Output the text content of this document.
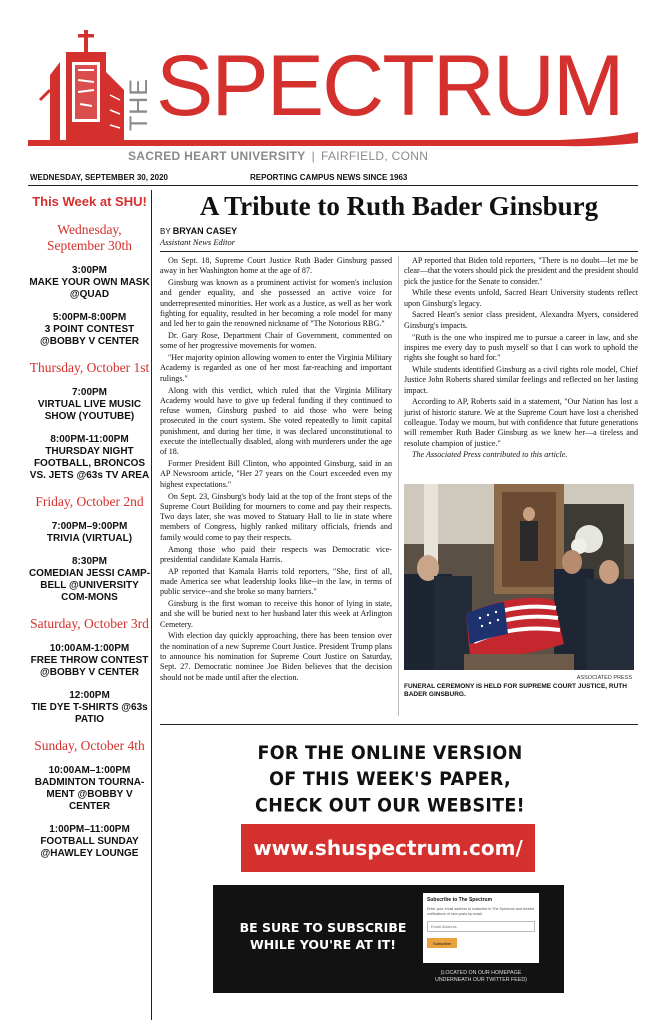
THE SPECTRUM
SACRED HEART UNIVERSITY | FAIRFIELD, CONN
WEDNESDAY, SEPTEMBER 30, 2020	REPORTING CAMPUS NEWS SINCE 1963
This Week at SHU!
Wednesday, September 30th
3:00PM
MAKE YOUR OWN MASK @QUAD
5:00PM-8:00PM
3 POINT CONTEST @BOBBY V CENTER
Thursday, October 1st
7:00PM
VIRTUAL LIVE MUSIC SHOW (YOUTUBE)
8:00PM-11:00PM
THURSDAY NIGHT FOOTBALL, BRONCOS VS. JETS @63s TV AREA
Friday, October 2nd
7:00PM–9:00PM
TRIVIA (VIRTUAL)
8:30PM
COMEDIAN JESSI CAMP-BELL @UNIVERSITY COM-MONS
Saturday, October 3rd
10:00AM-1:00PM
FREE THROW CONTEST @BOBBY V CENTER
12:00PM
TIE DYE T-SHIRTS @63s PATIO
Sunday, October 4th
10:00AM–1:00PM
BADMINTON TOURNA-MENT @BOBBY V CENTER
1:00PM–11:00PM
FOOTBALL SUNDAY @HAWLEY LOUNGE
A Tribute to Ruth Bader Ginsburg
BY BRYAN CASEY
Assistant News Editor

On Sept. 18, Supreme Court Justice Ruth Bader Ginsburg passed away in her Washington home at the age of 87.

Ginsburg was known as a prominent activist for women's inclusion and gender equality, and she possessed an active voice for underrepresented minorities. Her work as a Justice, as well as her work fighting for equality, resulted in her becoming a role model for many and led her to gain the renowned nickname of "The Notorious RBG."

Dr. Gary Rose, Department Chair of Government, commented on some of her progressive movements for women.

"Her majority opinion allowing women to enter the Virginia Military Academy is regarded as one of her most far-reaching and important rulings."

Along with this verdict, which ruled that the Virginia Military Academy would have to give up federal funding if they continued to refuse women, Ginsburg pushed to aid those who were being prosecuted in the court system. She voted repeatedly to limit capital punishment, and during her time, it was declared unconstitutional to execute the intellectually disabled, along with murderers under the age of 18.

Former President Bill Clinton, who appointed Ginsburg, said in an AP Newsroom article, "Her 27 years on the Court exceeded even my highest expectations."

On Sept. 23, Ginsburg's body laid at the top of the front steps of the Supreme Court Building for mourners to come and pay their respects. Two days later, she was moved to Statuary Hall to lie in state where members of Congress, highly ranked military officials, friends and family would come to pay their respects.

Among those who paid their respects was Democratic vice-presidential candidate Kamala Harris.

AP reported that Kamala Harris told reporters, "She, first of all, made America see what leadership looks like--in the law, in terms of public service--and she broke so many barriers."

Ginsburg is the first woman to receive this honor of lying in state, and she will be buried next to her husband later this week at Arlington Cemetery.

With election day quickly approaching, there has been tension over the nomination of a new Supreme Court Justice. President Trump plans to announce his nomination for Supreme Court Justice on Saturday, Sept. 27. Democratic nominee Joe Biden believes that the decision should not be made until after the election.

AP reported that Biden told reporters, "There is no doubt—let me be clear—that the voters should pick the president and the president should pick the justice for the Senate to consider."

While these events unfold, Sacred Heart University students reflect upon Ginsburg's legacy.

Sacred Heart's senior class president, Alexandra Myers, considered Ginsburg's impacts.

"Ruth is the one who inspired me to pursue a career in law, and she inspires me every day to push myself so that I can work to uphold the rights she fought so hard for."

While students identified Ginsburg as a civil rights role model, Chief Justice John Roberts shared similar feelings and reflected on her lasting impact.

According to AP, Roberts said in a statement, "Our Nation has lost a jurist of historic stature. We at the Supreme Court have lost a cherished colleague. Today we mourn, but with confidence that future generations will remember Ruth Bader Ginsburg as we knew her—a tireless and resolute champion of justice."

The Associated Press contributed to this article.

ASSOCIATED PRESS
FUNERAL CEREMONY IS HELD FOR SUPREME COURT JUSTICE, RUTH BADER GINSBURG.
FOR THE ONLINE VERSION
OF THIS WEEK'S PAPER,
CHECK OUT OUR WEBSITE!
www.shuspectrum.com/
BE SURE TO SUBSCRIBE
WHILE YOU'RE AT IT!
Subscribe to The Spectrum
Enter your email address to subscribe to The Spectrum and receive notifications of new posts by email.
Email Address
Subscribe
(LOCATED ON OUR HOMEPAGE UNDERNEATH OUR TWITTER FEED)
